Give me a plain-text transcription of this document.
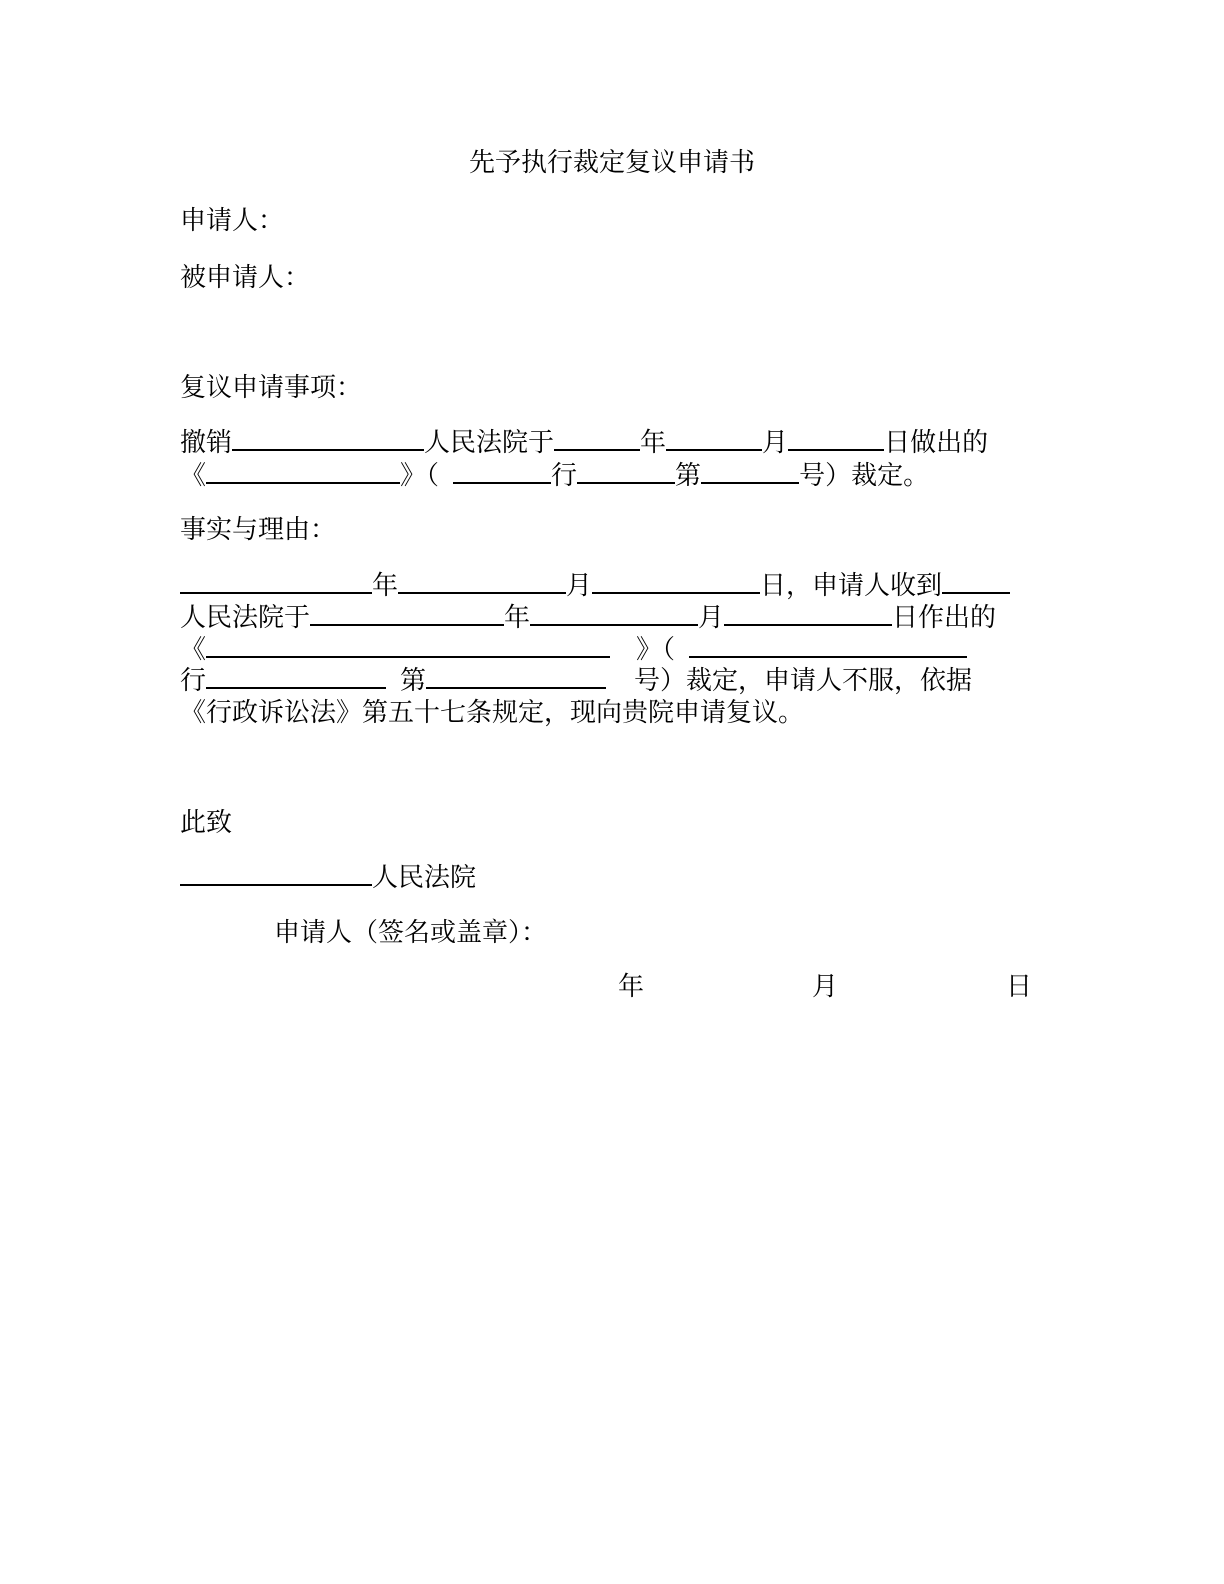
先予执行裁定复议申请书
申请人：
被申请人：
复议申请事项：
撤销	人民法院于	年	月	日做出的
《	》（	行	第	号）裁定。
事实与理由：
年	月	日，申请人收到
人民法院于	年	月	日作出的
《	》（
行	第	号）裁定，申请人不服，依据
《行政诉讼法》第五十七条规定，现向贵院申请复议。
此致
人民法院
申请人（签名或盖章）：
年	月	日
